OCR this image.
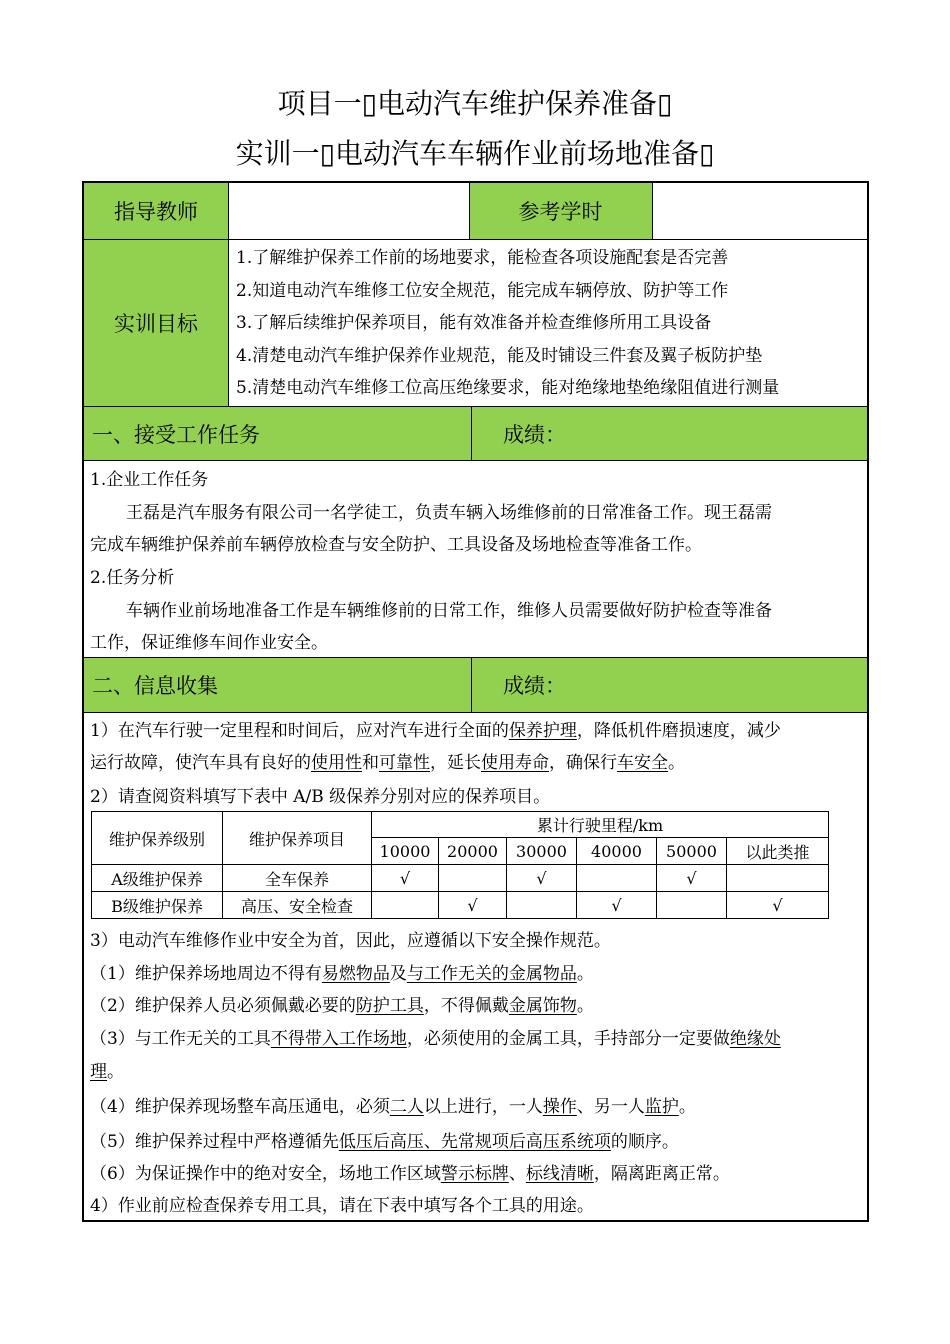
项目一▯电动汽车维护保养准备▯
实训一▯电动汽车车辆作业前场地准备▯
指导教师	参考学时
实训目标
1.了解维护保养工作前的场地要求，能检查各项设施配套是否完善
2.知道电动汽车维修工位安全规范，能完成车辆停放、防护等工作
3.了解后续维护保养项目，能有效准备并检查维修所用工具设备
4.清楚电动汽车维护保养作业规范，能及时铺设三件套及翼子板防护垫
5.清楚电动汽车维修工位高压绝缘要求，能对绝缘地垫绝缘阻值进行测量
一、接受工作任务	成绩：
1.企业工作任务
王磊是汽车服务有限公司一名学徒工，负责车辆入场维修前的日常准备工作。现王磊需
完成车辆维护保养前车辆停放检查与安全防护、工具设备及场地检查等准备工作。
2.任务分析
车辆作业前场地准备工作是车辆维修前的日常工作，维修人员需要做好防护检查等准备
工作，保证维修车间作业安全。
二、信息收集	成绩：
1）在汽车行驶一定里程和时间后，应对汽车进行全面的保养护理，降低机件磨损速度，减少
运行故障，使汽车具有良好的使用性和可靠性，延长使用寿命，确保行车安全。
2）请查阅资料填写下表中 A/B 级保养分别对应的保养项目。
维护保养级别	维护保养项目	累计行驶里程/km					
		10000	20000	30000	40000	50000	以此类推
A级维护保养	全车保养	√		√		√	
B级维护保养	高压、安全检查		√		√		√
3）电动汽车维修作业中安全为首，因此，应遵循以下安全操作规范。
（1）维护保养场地周边不得有易燃物品及与工作无关的金属物品。
（2）维护保养人员必须佩戴必要的防护工具，不得佩戴金属饰物。
（3）与工作无关的工具不得带入工作场地，必须使用的金属工具，手持部分一定要做绝缘处
理。
（4）维护保养现场整车高压通电，必须二人以上进行，一人操作、另一人监护。
（5）维护保养过程中严格遵循先低压后高压、先常规项后高压系统项的顺序。
（6）为保证操作中的绝对安全，场地工作区域警示标牌、标线清晰，隔离距离正常。
4）作业前应检查保养专用工具，请在下表中填写各个工具的用途。
